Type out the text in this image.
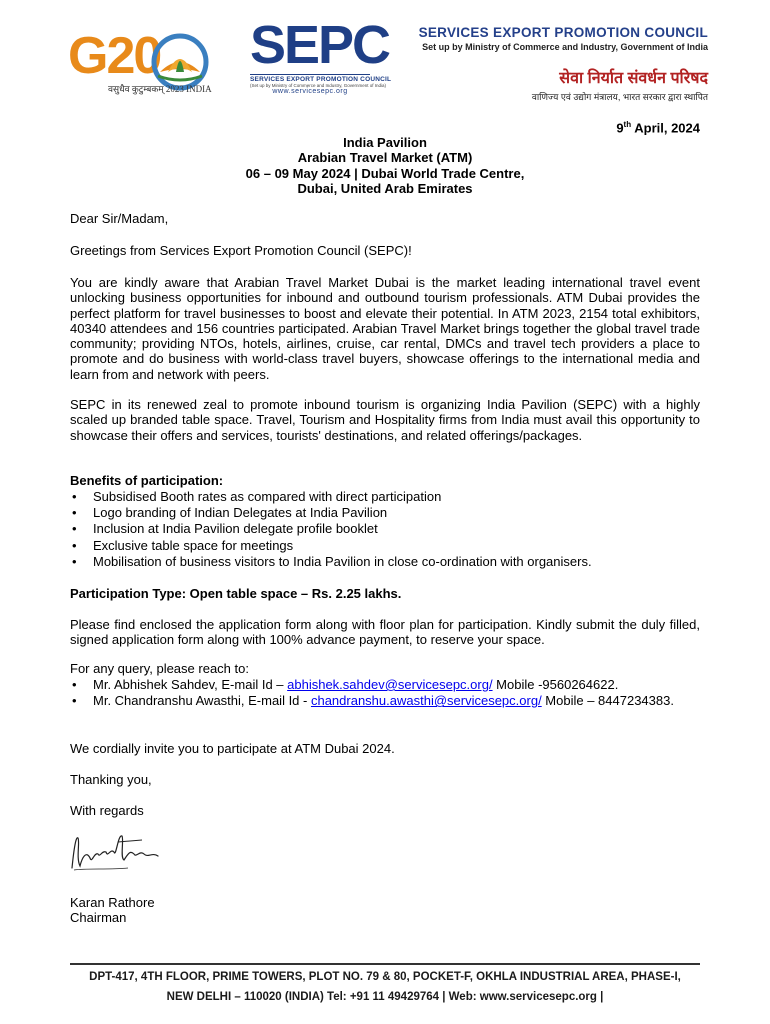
G20
वसुधैव कुटुम्बकम् 2023 INDIA
SEPC
SERVICES EXPORT PROMOTION COUNCIL
(Set up by Ministry of Commerce and Industry, Government of India)
www.servicesepc.org
SERVICES EXPORT PROMOTION COUNCIL
Set up by Ministry of Commerce and Industry, Government of India
सेवा निर्यात संवर्धन परिषद
वाणिज्य एवं उद्योग मंत्रालय, भारत सरकार द्वारा स्थापित
9th April, 2024
India Pavilion
Arabian Travel Market (ATM)
06 – 09 May 2024 | Dubai World Trade Centre,
Dubai, United Arab Emirates
Dear Sir/Madam,
Greetings from Services Export Promotion Council (SEPC)!
You are kindly aware that Arabian Travel Market Dubai is the market leading international travel event unlocking business opportunities for inbound and outbound tourism professionals. ATM Dubai provides the perfect platform for travel businesses to boost and elevate their potential. In ATM 2023, 2154 total exhibitors, 40340 attendees and 156 countries participated. Arabian Travel Market brings together the global travel trade community; providing NTOs, hotels, airlines, cruise, car rental, DMCs and travel tech providers a place to promote and do business with world-class travel buyers, showcase offerings to the international media and learn from and network with peers.
SEPC in its renewed zeal to promote inbound tourism is organizing India Pavilion (SEPC) with a highly scaled up branded table space. Travel, Tourism and Hospitality firms from India must avail this opportunity to showcase their offers and services, tourists' destinations, and related offerings/packages.
Benefits of participation:
• Subsidised Booth rates as compared with direct participation
• Logo branding of Indian Delegates at India Pavilion
• Inclusion at India Pavilion delegate profile booklet
• Exclusive table space for meetings
• Mobilisation of business visitors to India Pavilion in close co-ordination with organisers.
Participation Type: Open table space – Rs. 2.25 lakhs.
Please find enclosed the application form along with floor plan for participation. Kindly submit the duly filled, signed application form along with 100% advance payment, to reserve your space.
For any query, please reach to:
• Mr. Abhishek Sahdev, E-mail Id – abhishek.sahdev@servicesepc.org/ Mobile -9560264622.
• Mr. Chandranshu Awasthi, E-mail Id - chandranshu.awasthi@servicesepc.org/ Mobile – 8447234383.
We cordially invite you to participate at ATM Dubai 2024.
Thanking you,
With regards
Karan Rathore
Chairman
DPT-417, 4TH FLOOR, PRIME TOWERS, PLOT NO. 79 & 80, POCKET-F, OKHLA INDUSTRIAL AREA, PHASE-I,
NEW DELHI – 110020 (INDIA) Tel: +91 11 49429764 | Web: www.servicesepc.org |
